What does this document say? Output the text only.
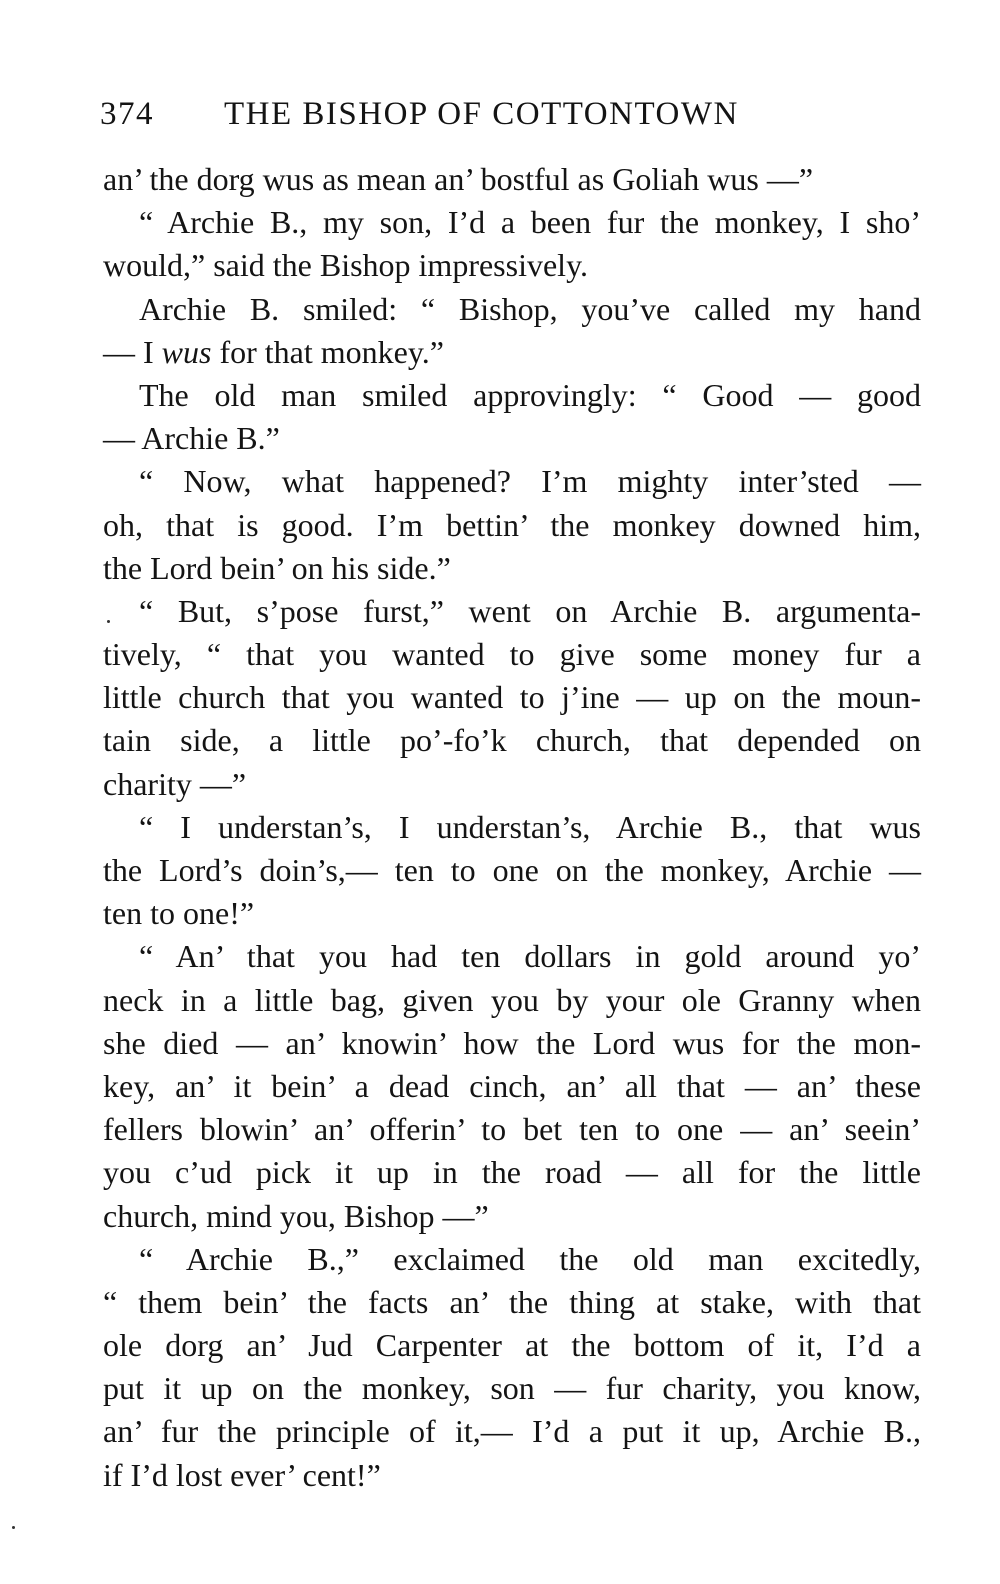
374 THE BISHOP OF COTTONTOWN
an’ the dorg wus as mean an’ bostful as Goliah wus —”
“ Archie B., my son, I’d a been fur the monkey, I sho’
would,” said the Bishop impressively.
Archie B. smiled: “ Bishop, you’ve called my hand
— I wus for that monkey.”
The old man smiled approvingly: “ Good — good
— Archie B.”
“ Now, what happened? I’m mighty inter’sted —
oh, that is good. I’m bettin’ the monkey downed him,
the Lord bein’ on his side.”
“ But, s’pose furst,” went on Archie B. argumenta-
tively, “ that you wanted to give some money fur a
little church that you wanted to j’ine — up on the moun-
tain side, a little po’-fo’k church, that depended on
charity —”
“ I understan’s, I understan’s, Archie B., that wus
the Lord’s doin’s,— ten to one on the monkey, Archie —
ten to one!”
“ An’ that you had ten dollars in gold around yo’
neck in a little bag, given you by your ole Granny when
she died — an’ knowin’ how the Lord wus for the mon-
key, an’ it bein’ a dead cinch, an’ all that — an’ these
fellers blowin’ an’ offerin’ to bet ten to one — an’ seein’
you c’ud pick it up in the road — all for the little
church, mind you, Bishop —”
“ Archie B.,” exclaimed the old man excitedly,
“ them bein’ the facts an’ the thing at stake, with that
ole dorg an’ Jud Carpenter at the bottom of it, I’d a
put it up on the monkey, son — fur charity, you know,
an’ fur the principle of it,— I’d a put it up, Archie B.,
if I’d lost ever’ cent!”
